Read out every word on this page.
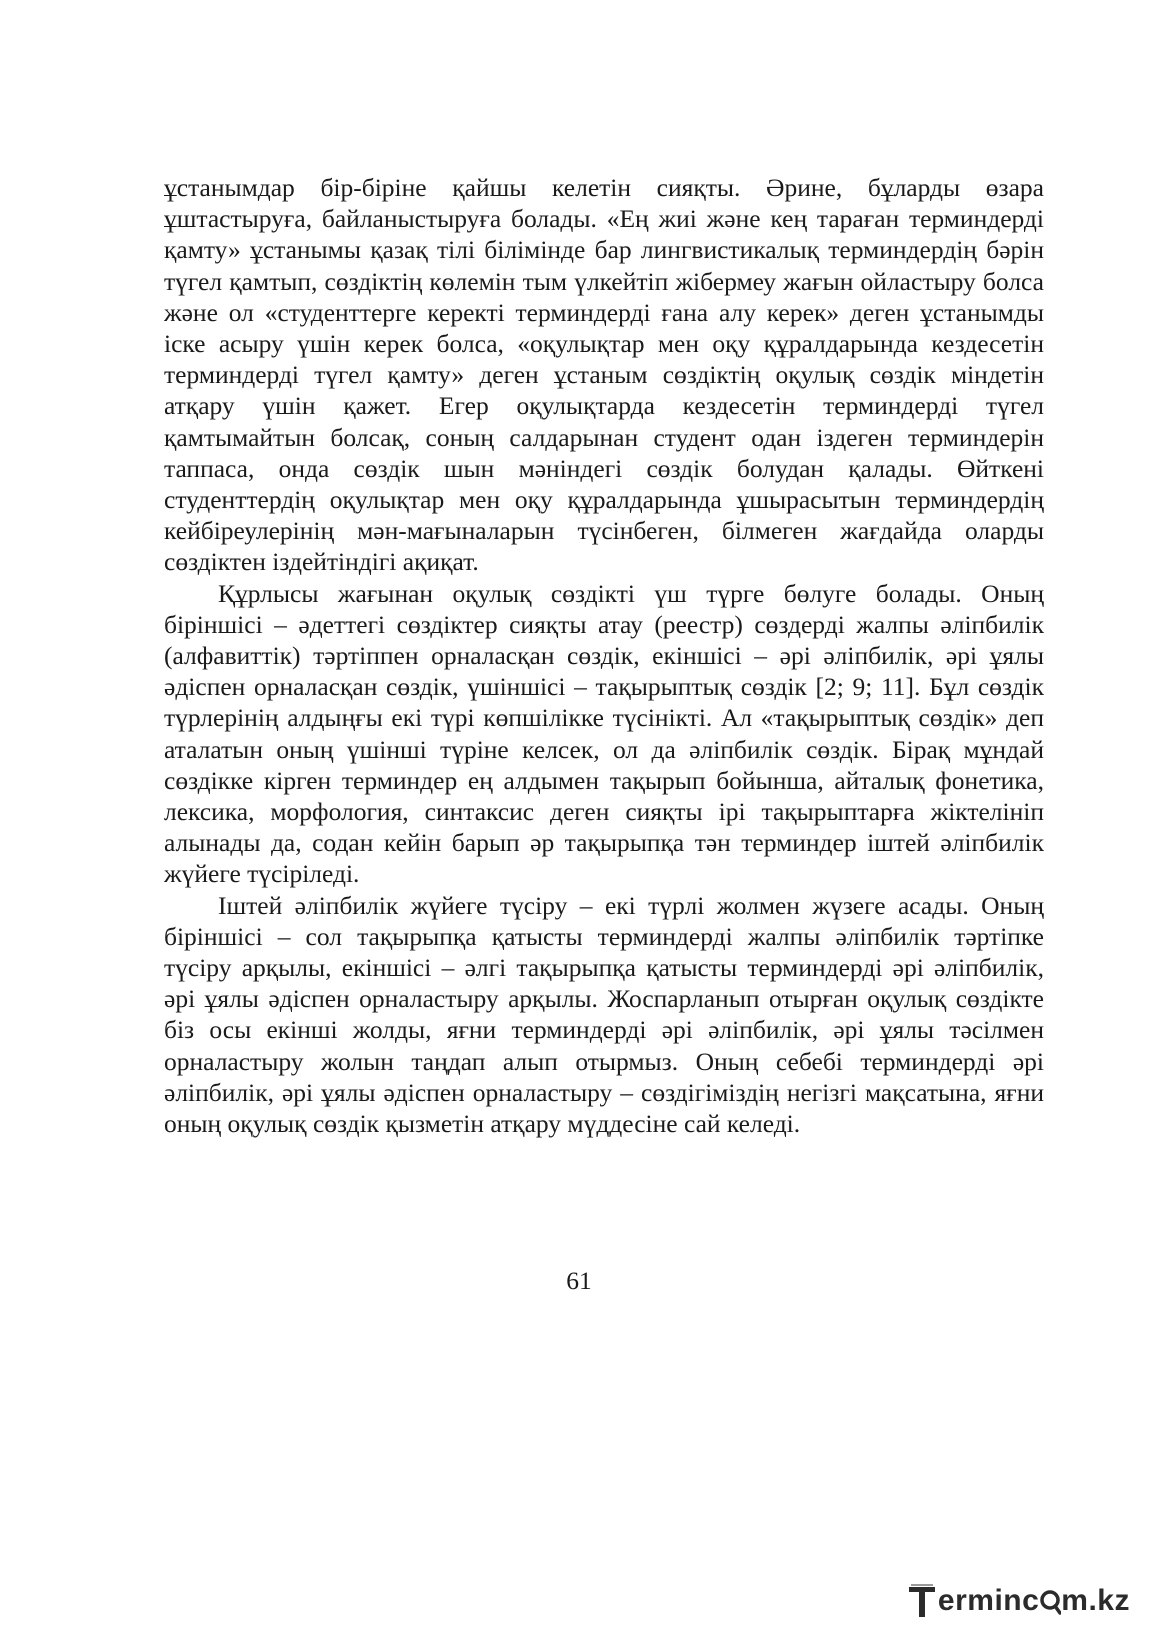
ұстанымдар бір-біріне қайшы келетін сияқты. Әрине, бұларды өзара ұштастыруға, байланыстыруға болады. «Ең жиі және кең тараған терминдерді қамту» ұстанымы қазақ тілі білімінде бар лингвистикалық терминдердің бәрін түгел қамтып, сөздіктің көлемін тым үлкейтіп жібермеу жағын ойластыру болса және ол «студенттерге керекті терминдерді ғана алу керек» деген ұстанымды іске асыру үшін керек болса, «оқулықтар мен оқу құралдарында кездесетін терминдерді түгел қамту» деген ұстаным сөздіктің оқулық сөздік міндетін атқару үшін қажет. Егер оқулықтарда кездесетін терминдерді түгел қамтымайтын болсақ, соның салдарынан студент одан іздеген терминдерін таппаса, онда сөздік шын мәніндегі сөздік болудан қалады. Өйткені студенттердің оқулықтар мен оқу құралдарында ұшырасытын терминдердің кейбіреулерінің мән-мағыналарын түсінбеген, білмеген жағдайда оларды сөздіктен іздейтіндігі ақиқат.

Құрлысы жағынан оқулық сөздікті үш түрге бөлуге болады. Оның біріншісі – әдеттегі сөздіктер сияқты атау (реестр) сөздерді жалпы әліпбилік (алфавиттік) тәртіппен орналасқан сөздік, екіншісі – әрі әліпбилік, әрі ұялы әдіспен орналасқан сөздік, үшіншісі – тақырыптық сөздік [2; 9; 11]. Бұл сөздік түрлерінің алдыңғы екі түрі көпшілікке түсінікті. Ал «тақырыптық сөздік» деп аталатын оның үшінші түріне келсек, ол да әліпбилік сөздік. Бірақ мұндай сөздікке кірген терминдер ең алдымен тақырып бойынша, айталық фонетика, лексика, морфология, синтаксис деген сияқты ірі тақырыптарға жіктелініп алынады да, содан кейін барып әр тақырыпқа тән терминдер іштей әліпбилік жүйеге түсіріледі.

Іштей әліпбилік жүйеге түсіру – екі түрлі жолмен жүзеге асады. Оның біріншісі – сол тақырыпқа қатысты терминдерді жалпы әліпбилік тәртіпке түсіру арқылы, екіншісі – әлгі тақырыпқа қатысты терминдерді әрі әліпбилік, әрі ұялы әдіспен орналастыру арқылы. Жоспарланып отырған оқулық сөздікте біз осы екінші жолды, яғни терминдерді әрі әліпбилік, әрі ұялы тәсілмен орналастыру жолын таңдап алып отырмыз. Оның себебі терминдерді әрі әліпбилік, әрі ұялы әдіспен орналастыру – сөздігіміздің негізгі мақсатына, яғни оның оқулық сөздік қызметін атқару мүддесіне сай келеді.

61
ermin c m.kz
